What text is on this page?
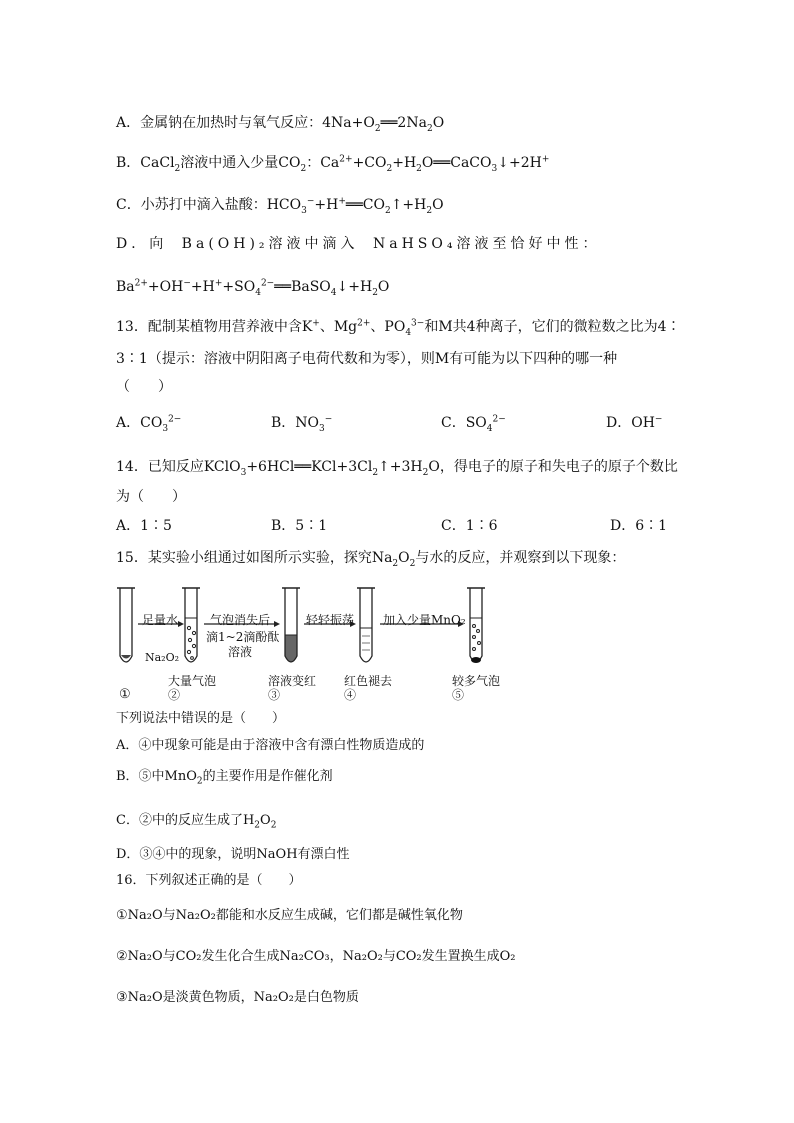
A．金属钠在加热时与氧气反应：$4Na+O_2══2Na_2O$
B．CaCl$_2$溶液中通入少量$CO_2$：$Ca^{2+}+CO_2+H_2O══CaCO_3↓+2H^+$
C．小苏打中滴入盐酸：$HCO_3^-+H^+══CO_2↑+H_2O$
D．向 Ba(OH)₂溶液中滴入 NaHSO₄溶液至恰好中性：
$Ba^{2+}+OH^-+H^++SO_4^{2-}══BaSO_4↓+H_2O$
13．配制某植物用营养液中含K+、$Mg^{2+}$、$PO_4^{3-}$和M共4种离子，它们的微粒数之比为4∶
3∶1（提示：溶液中阴阳离子电荷代数和为零），则M有可能为以下四种的哪一种
（　　）
A．$CO_3^{2-}$	B．$NO_3^-$	C．$SO_4^{2-}$	D．OH−
14．已知反应$KClO_3+6HCl══KCl+3Cl_2↑+3H_2O$，得电子的原子和失电子的原子个数比
为（　　）
A．1∶5	B．5∶1	C．1∶6	D．6∶1
15．某实验小组通过如图所示实验，探究$Na_2O_2$与水的反应，并观察到以下现象：
足量水	气泡消失后
滴1~2滴酚酞
溶液
轻轻振荡 加入少量MnO₂
Na₂O₂
①
大量气泡②
溶液变红③
红色褪去④
较多气泡⑤
下列说法中错误的是（　　）
A．④中现象可能是由于溶液中含有漂白性物质造成的
B．⑤中MnO$_2$的主要作用是作催化剂
C．②中的反应生成了$H_2O_2$
D．③④中的现象，说明NaOH有漂白性
16．下列叙述正确的是（　　）
①Na₂O与Na₂O₂都能和水反应生成碱，它们都是碱性氧化物
②Na₂O与CO₂发生化合生成Na₂CO₃，Na₂O₂与CO₂发生置换生成O₂
③Na₂O是淡黄色物质，Na₂O₂是白色物质
